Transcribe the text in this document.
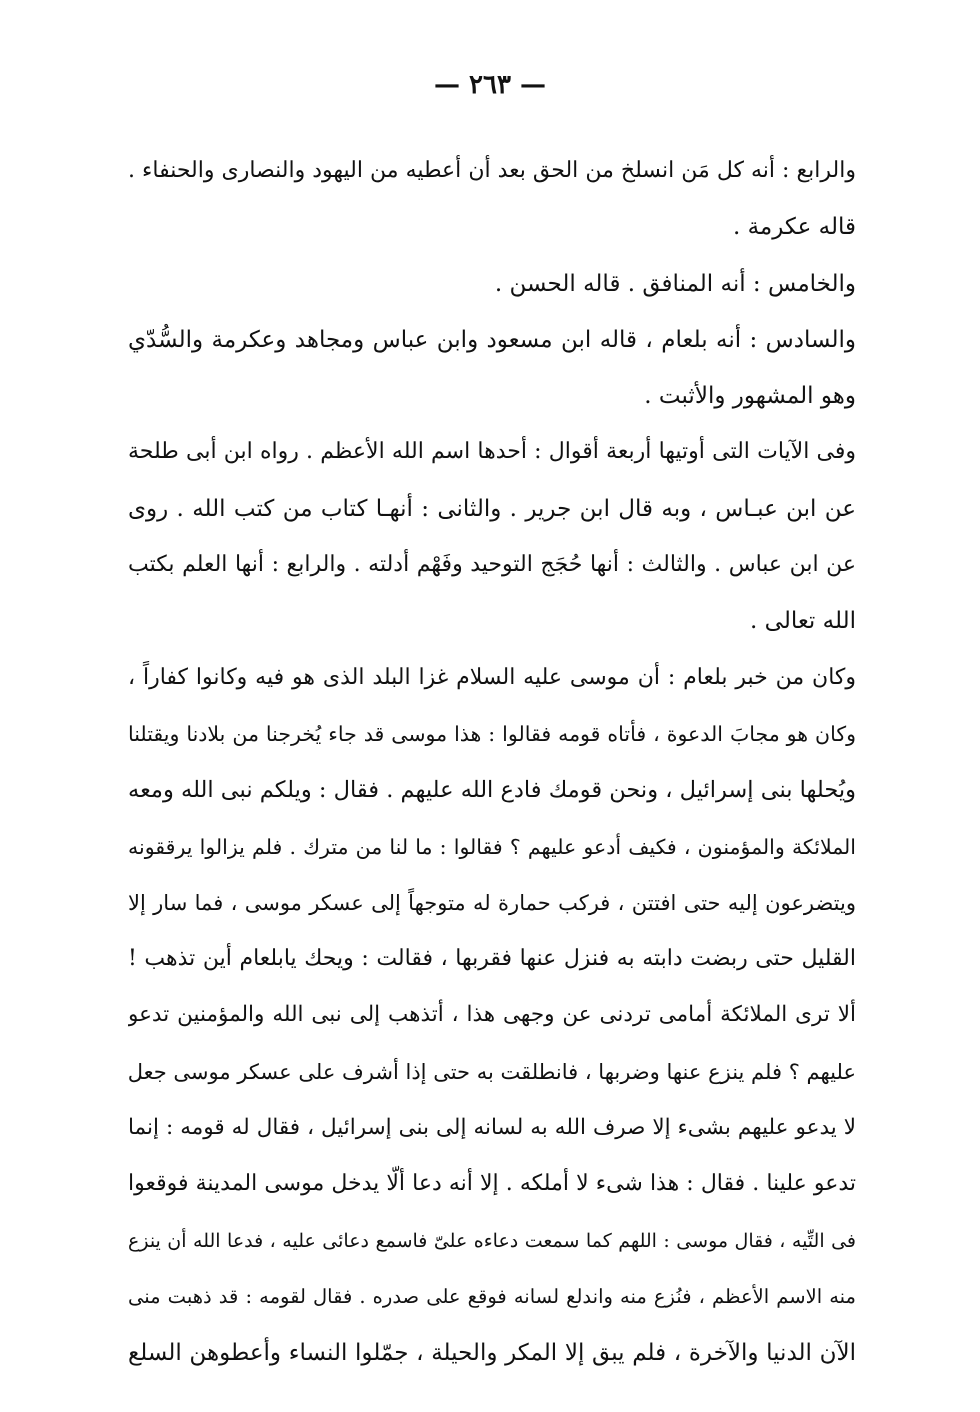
— ٢٦٣ —
والرابع : أنه كل مَن انسلخ من الحق بعد أن أعطيه من اليهود والنصارى والحنفاء .
قاله عكرمة .
والخامس : أنه المنافق . قاله الحسن .
والسادس : أنه بلعام ، قاله ابن مسعود وابن عباس ومجاهد وعكرمة والسُّدّي
وهو المشهور والأثبت .
وفى الآيات التى أوتيها أربعة أقوال : أحدها اسم الله الأعظم . رواه ابن أبى طلحة
عن ابن عبـاس ، وبه قال ابن جرير . والثانى : أنهـا كتاب من كتب الله . روى
عن ابن عباس . والثالث : أنها حُجَج التوحيد وفَهْم أدلته . والرابع : أنها العلم بكتب
الله تعالى .
وكان من خبر بلعام : أن موسى عليه السلام غزا البلد الذى هو فيه وكانوا كفاراً ،
وكان هو مجابَ الدعوة ، فأتاه قومه فقالوا : هذا موسى قد جاء يُخرجنا من بلادنا ويقتلنا
ويُحلها بنى إسرائيل ، ونحن قومك فادع الله عليهم . فقال : ويلكم نبى الله ومعه
الملائكة والمؤمنون ، فكيف أدعو عليهم ؟ فقالوا : ما لنا من مترك . فلم يزالوا يرققونه
ويتضرعون إليه حتى افتتن ، فركب حمارة له متوجهاً إلى عسكر موسى ، فما سار إلا
القليل حتى ربضت دابته به فنزل عنها فقربها ، فقالت : ويحك يابلعام أين تذهب !
ألا ترى الملائكة أمامى تردنى عن وجهى هذا ، أتذهب إلى نبى الله والمؤمنين تدعو
عليهم ؟ فلم ينزع عنها وضربها ، فانطلقت به حتى إذا أشرف على عسكر موسى جعل
لا يدعو عليهم بشىء إلا صرف الله به لسانه إلى بنى إسرائيل ، فقال له قومه : إنما
تدعو علينا . فقال : هذا شىء لا أملكه . إلا أنه دعا ألّا يدخل موسى المدينة فوقعوا
فى التِّيه ، فقال موسى : اللهم كما سمعت دعاءه علىّ فاسمع دعائى عليه ، فدعا الله أن ينزع
منه الاسم الأعظم ، فنُزع منه واندلع لسانه فوقع على صدره . فقال لقومه : قد ذهبت منى
الآن الدنيا والآخرة ، فلم يبق إلا المكر والحيلة ، جمّلوا النساء وأعطوهن السلع
